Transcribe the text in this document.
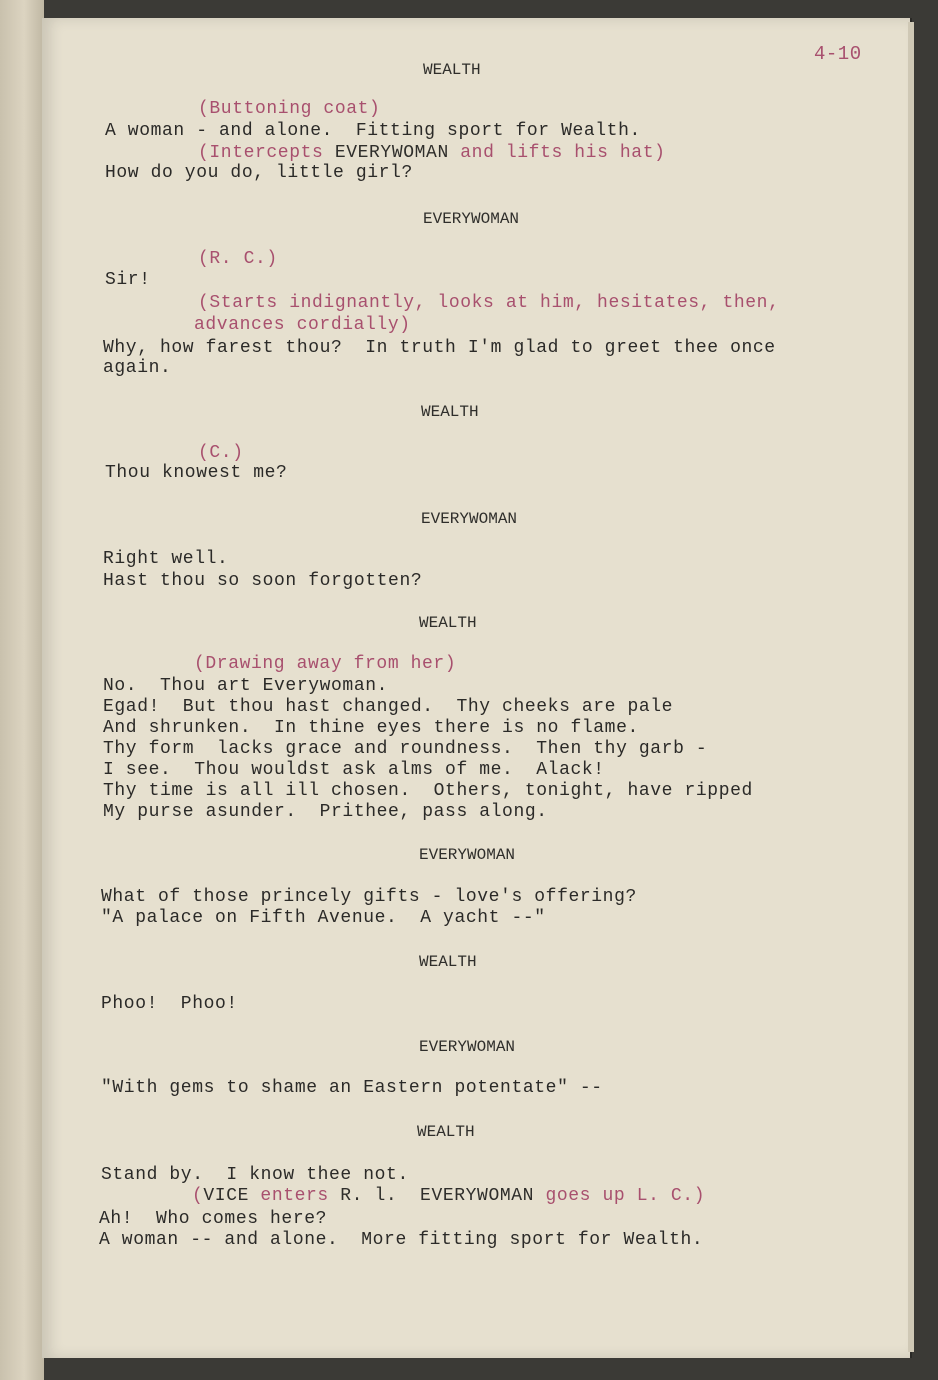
4-10
WEALTH
(Buttoning coat)
A woman - and alone.  Fitting sport for Wealth.
(Intercepts EVERYWOMAN and lifts his hat)
How do you do, little girl?
EVERYWOMAN
(R. C.)
Sir!
(Starts indignantly, looks at him, hesitates, then,
advances cordially)
Why, how farest thou?  In truth I'm glad to greet thee once
again.
WEALTH
(C.)
Thou knowest me?
EVERYWOMAN
Right well.
Hast thou so soon forgotten?
WEALTH
(Drawing away from her)
No.  Thou art Everywoman.
Egad!  But thou hast changed.  Thy cheeks are pale
And shrunken.  In thine eyes there is no flame.
Thy form  lacks grace and roundness.  Then thy garb -
I see.  Thou wouldst ask alms of me.  Alack!
Thy time is all ill chosen.  Others, tonight, have ripped
My purse asunder.  Prithee, pass along.
EVERYWOMAN
What of those princely gifts - love's offering?
"A palace on Fifth Avenue.  A yacht --"
WEALTH
Phoo!  Phoo!
EVERYWOMAN
"With gems to shame an Eastern potentate" --
WEALTH
Stand by.  I know thee not.
(VICE enters R. l.  EVERYWOMAN goes up L. C.)
Ah!  Who comes here?
A woman -- and alone.  More fitting sport for Wealth.
